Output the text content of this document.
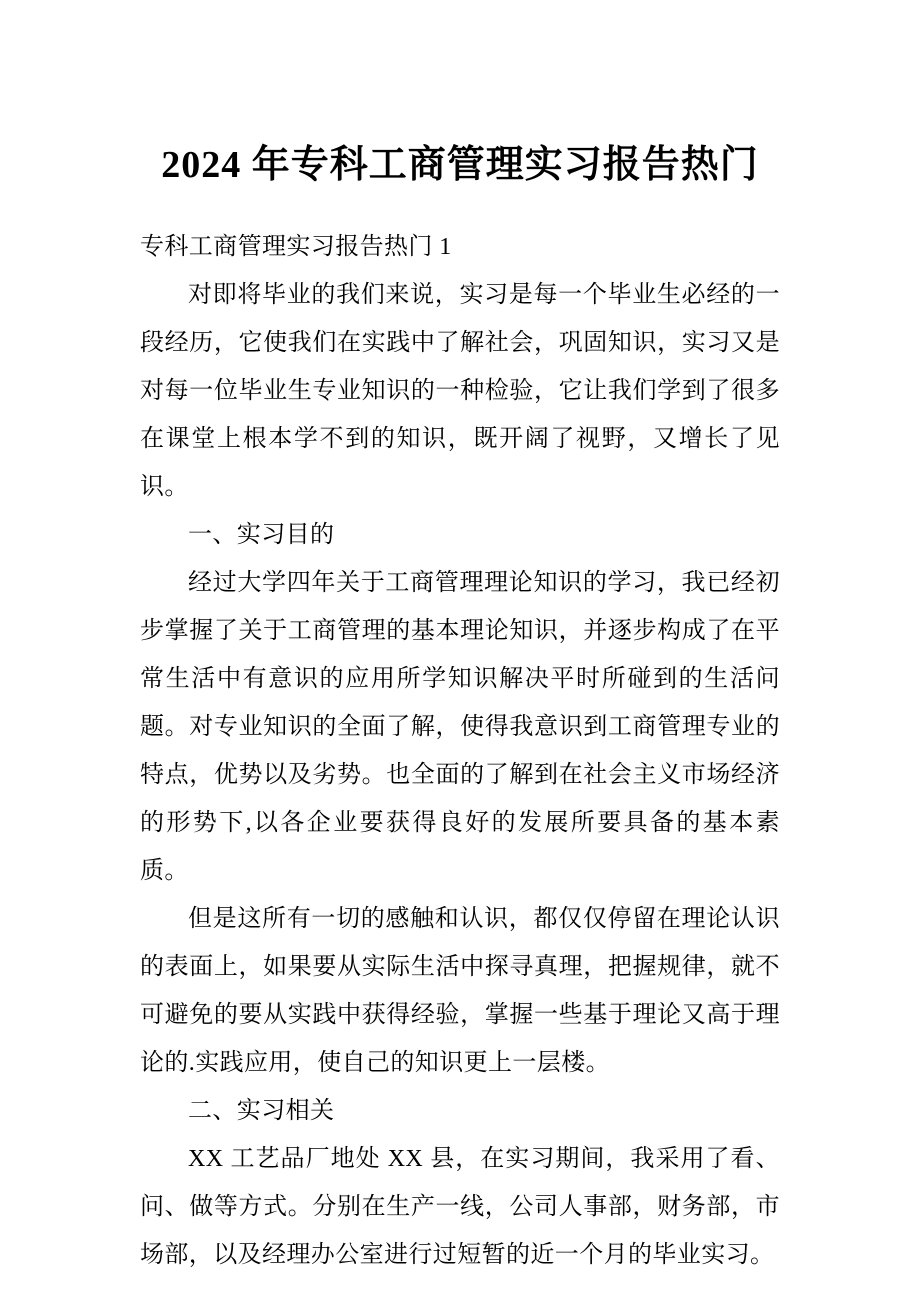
2024 年专科工商管理实习报告热门

专科工商管理实习报告热门 1

对即将毕业的我们来说，实习是每一个毕业生必经的一段经历，它使我们在实践中了解社会，巩固知识，实习又是对每一位毕业生专业知识的一种检验，它让我们学到了很多在课堂上根本学不到的知识，既开阔了视野，又增长了见识。

一、实习目的

经过大学四年关于工商管理理论知识的学习，我已经初步掌握了关于工商管理的基本理论知识，并逐步构成了在平常生活中有意识的应用所学知识解决平时所碰到的生活问题。对专业知识的全面了解，使得我意识到工商管理专业的特点，优势以及劣势。也全面的了解到在社会主义市场经济的形势下,以各企业要获得良好的发展所要具备的基本素质。

但是这所有一切的感触和认识，都仅仅停留在理论认识的表面上，如果要从实际生活中探寻真理，把握规律，就不可避免的要从实践中获得经验，掌握一些基于理论又高于理论的.实践应用，使自己的知识更上一层楼。

二、实习相关

XX 工艺品厂地处 XX 县，在实习期间，我采用了看、问、做等方式。分别在生产一线，公司人事部，财务部，市场部，以及经理办公室进行过短暂的近一个月的毕业实习。
